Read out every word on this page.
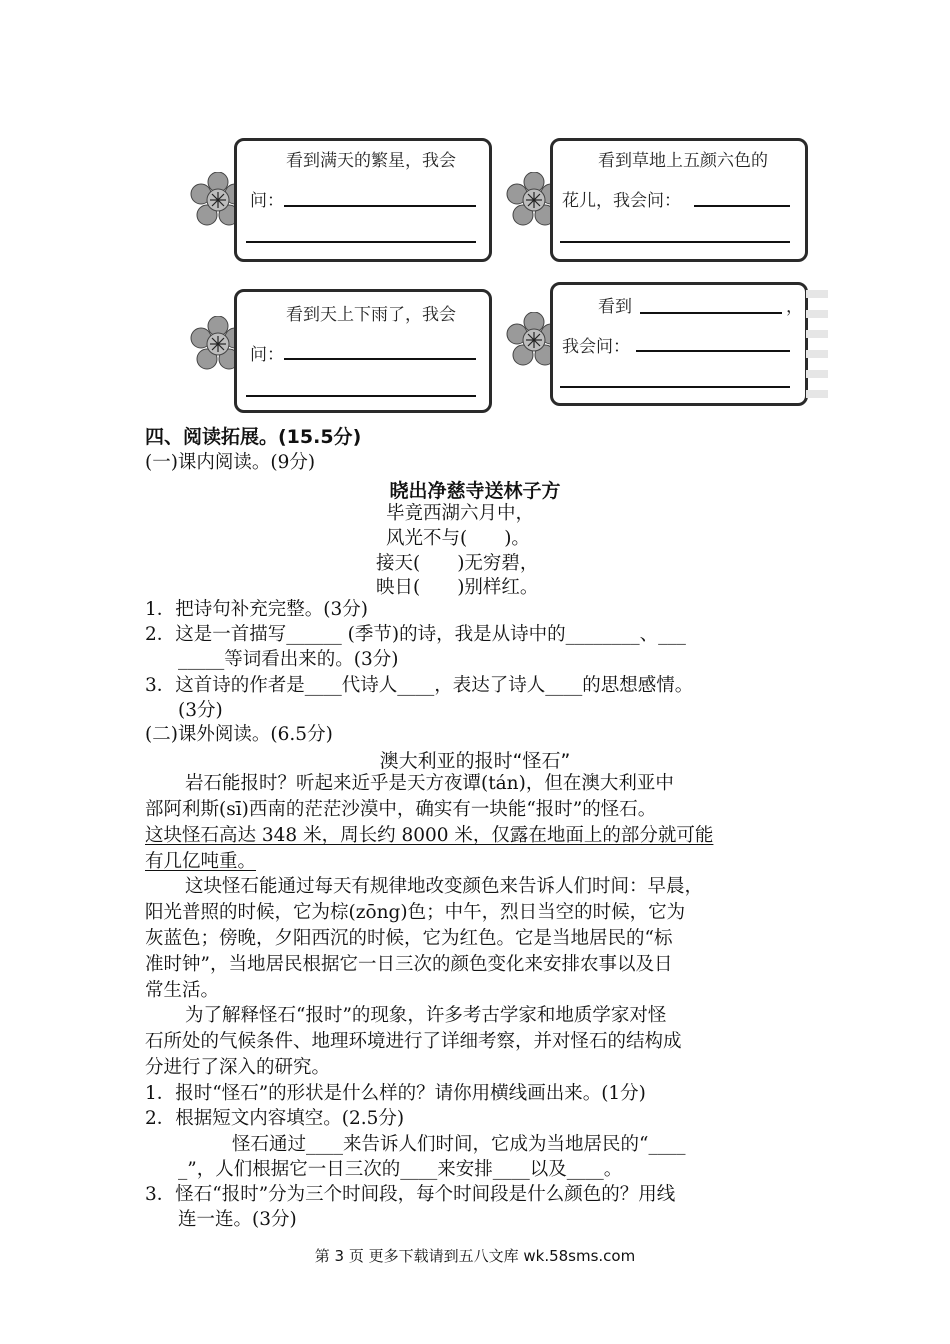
看到满天的繁星，我会
问：
看到草地上五颜六色的
花儿，我会问：
看到天上下雨了，我会
问：
看到	，
我会问：
四、阅读拓展。(15.5分)
(一)课内阅读。(9分)
晓出净慈寺送林子方
毕竟西湖六月中，
风光不与(　　)。
接天(　　)无穷碧，
映日(　　)别样红。
1．把诗句补充完整。(3分)
2．这是一首描写______ (季节)的诗，我是从诗中的________、___
_____等词看出来的。(3分)
3．这首诗的作者是____代诗人____，表达了诗人____的思想感情。
(3分)
(二)课外阅读。(6.5分)
澳大利亚的报时“怪石”
岩石能报时？听起来近乎是天方夜谭(tán)，但在澳大利亚中
部阿利斯(sī)西南的茫茫沙漠中，确实有一块能“报时”的怪石。
这块怪石高达 348 米，周长约 8000 米，仅露在地面上的部分就可能
有几亿吨重。
这块怪石能通过每天有规律地改变颜色来告诉人们时间：早晨，
阳光普照的时候，它为棕(zōng)色；中午，烈日当空的时候，它为
灰蓝色；傍晚，夕阳西沉的时候，它为红色。它是当地居民的“标
准时钟”，当地居民根据它一日三次的颜色变化来安排农事以及日
常生活。
为了解释怪石“报时”的现象，许多考古学家和地质学家对怪
石所处的气候条件、地理环境进行了详细考察，并对怪石的结构成
分进行了深入的研究。
1．报时“怪石”的形状是什么样的？请你用横线画出来。(1分)
2．根据短文内容填空。(2.5分)
怪石通过____来告诉人们时间，它成为当地居民的“____
_”，人们根据它一日三次的____来安排____以及____。
3．怪石“报时”分为三个时间段，每个时间段是什么颜色的？用线
连一连。(3分)
第 3 页 更多下载请到五八文库 wk.58sms.com
